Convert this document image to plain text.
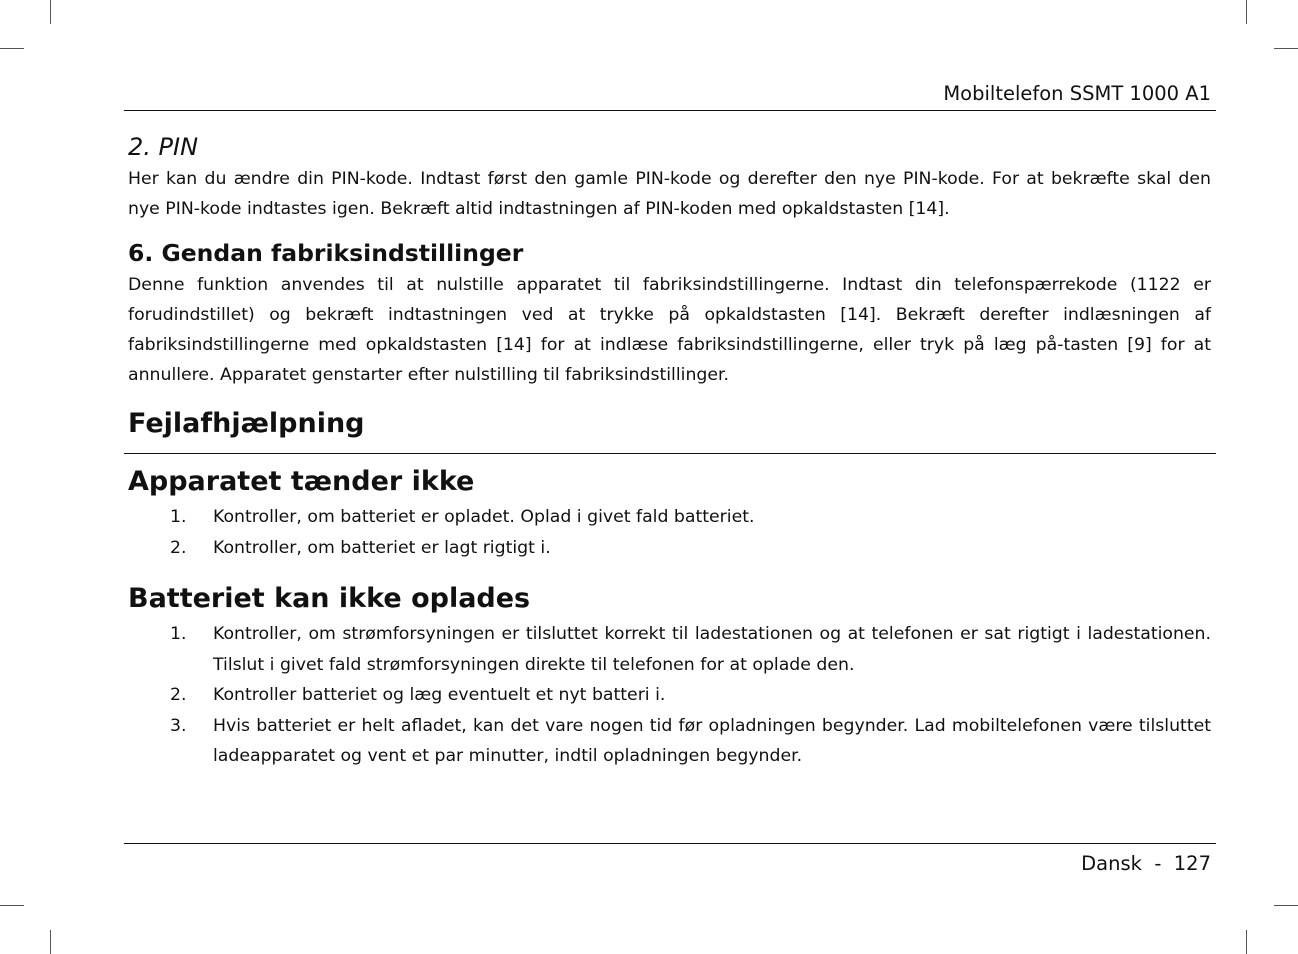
Mobiltelefon SSMT 1000 A1
2. PIN

Her kan du ændre din PIN-kode. Indtast først den gamle PIN-kode og derefter den nye PIN-kode. For at bekræfte skal den nye PIN-kode indtastes igen. Bekræft altid indtastningen af PIN-koden med opkaldstasten [14].

6. Gendan fabriksindstillinger

Denne funktion anvendes til at nulstille apparatet til fabriksindstillingerne. Indtast din telefonspærrekode (1122 er forudindstillet) og bekræft indtastningen ved at trykke på opkaldstasten [14]. Bekræft derefter indlæsningen af fabriksindstillingerne med opkaldstasten [14] for at indlæse fabriksindstillingerne, eller tryk på læg på-tasten [9] for at annullere. Apparatet genstarter efter nulstilling til fabriksindstillinger.

Fejlafhjælpning
Apparatet tænder ikke
1. Kontroller, om batteriet er opladet. Oplad i givet fald batteriet.
2. Kontroller, om batteriet er lagt rigtigt i.
Batteriet kan ikke oplades
1. Kontroller, om strømforsyningen er tilsluttet korrekt til ladestationen og at telefonen er sat rigtigt i ladestationen. Tilslut i givet fald strømforsyningen direkte til telefonen for at oplade den.
2. Kontroller batteriet og læg eventuelt et nyt batteri i.
3. Hvis batteriet er helt afladet, kan det vare nogen tid før opladningen begynder. Lad mobiltelefonen være tilsluttet ladeapparatet og vent et par minutter, indtil opladningen begynder.
Dansk  -  127
